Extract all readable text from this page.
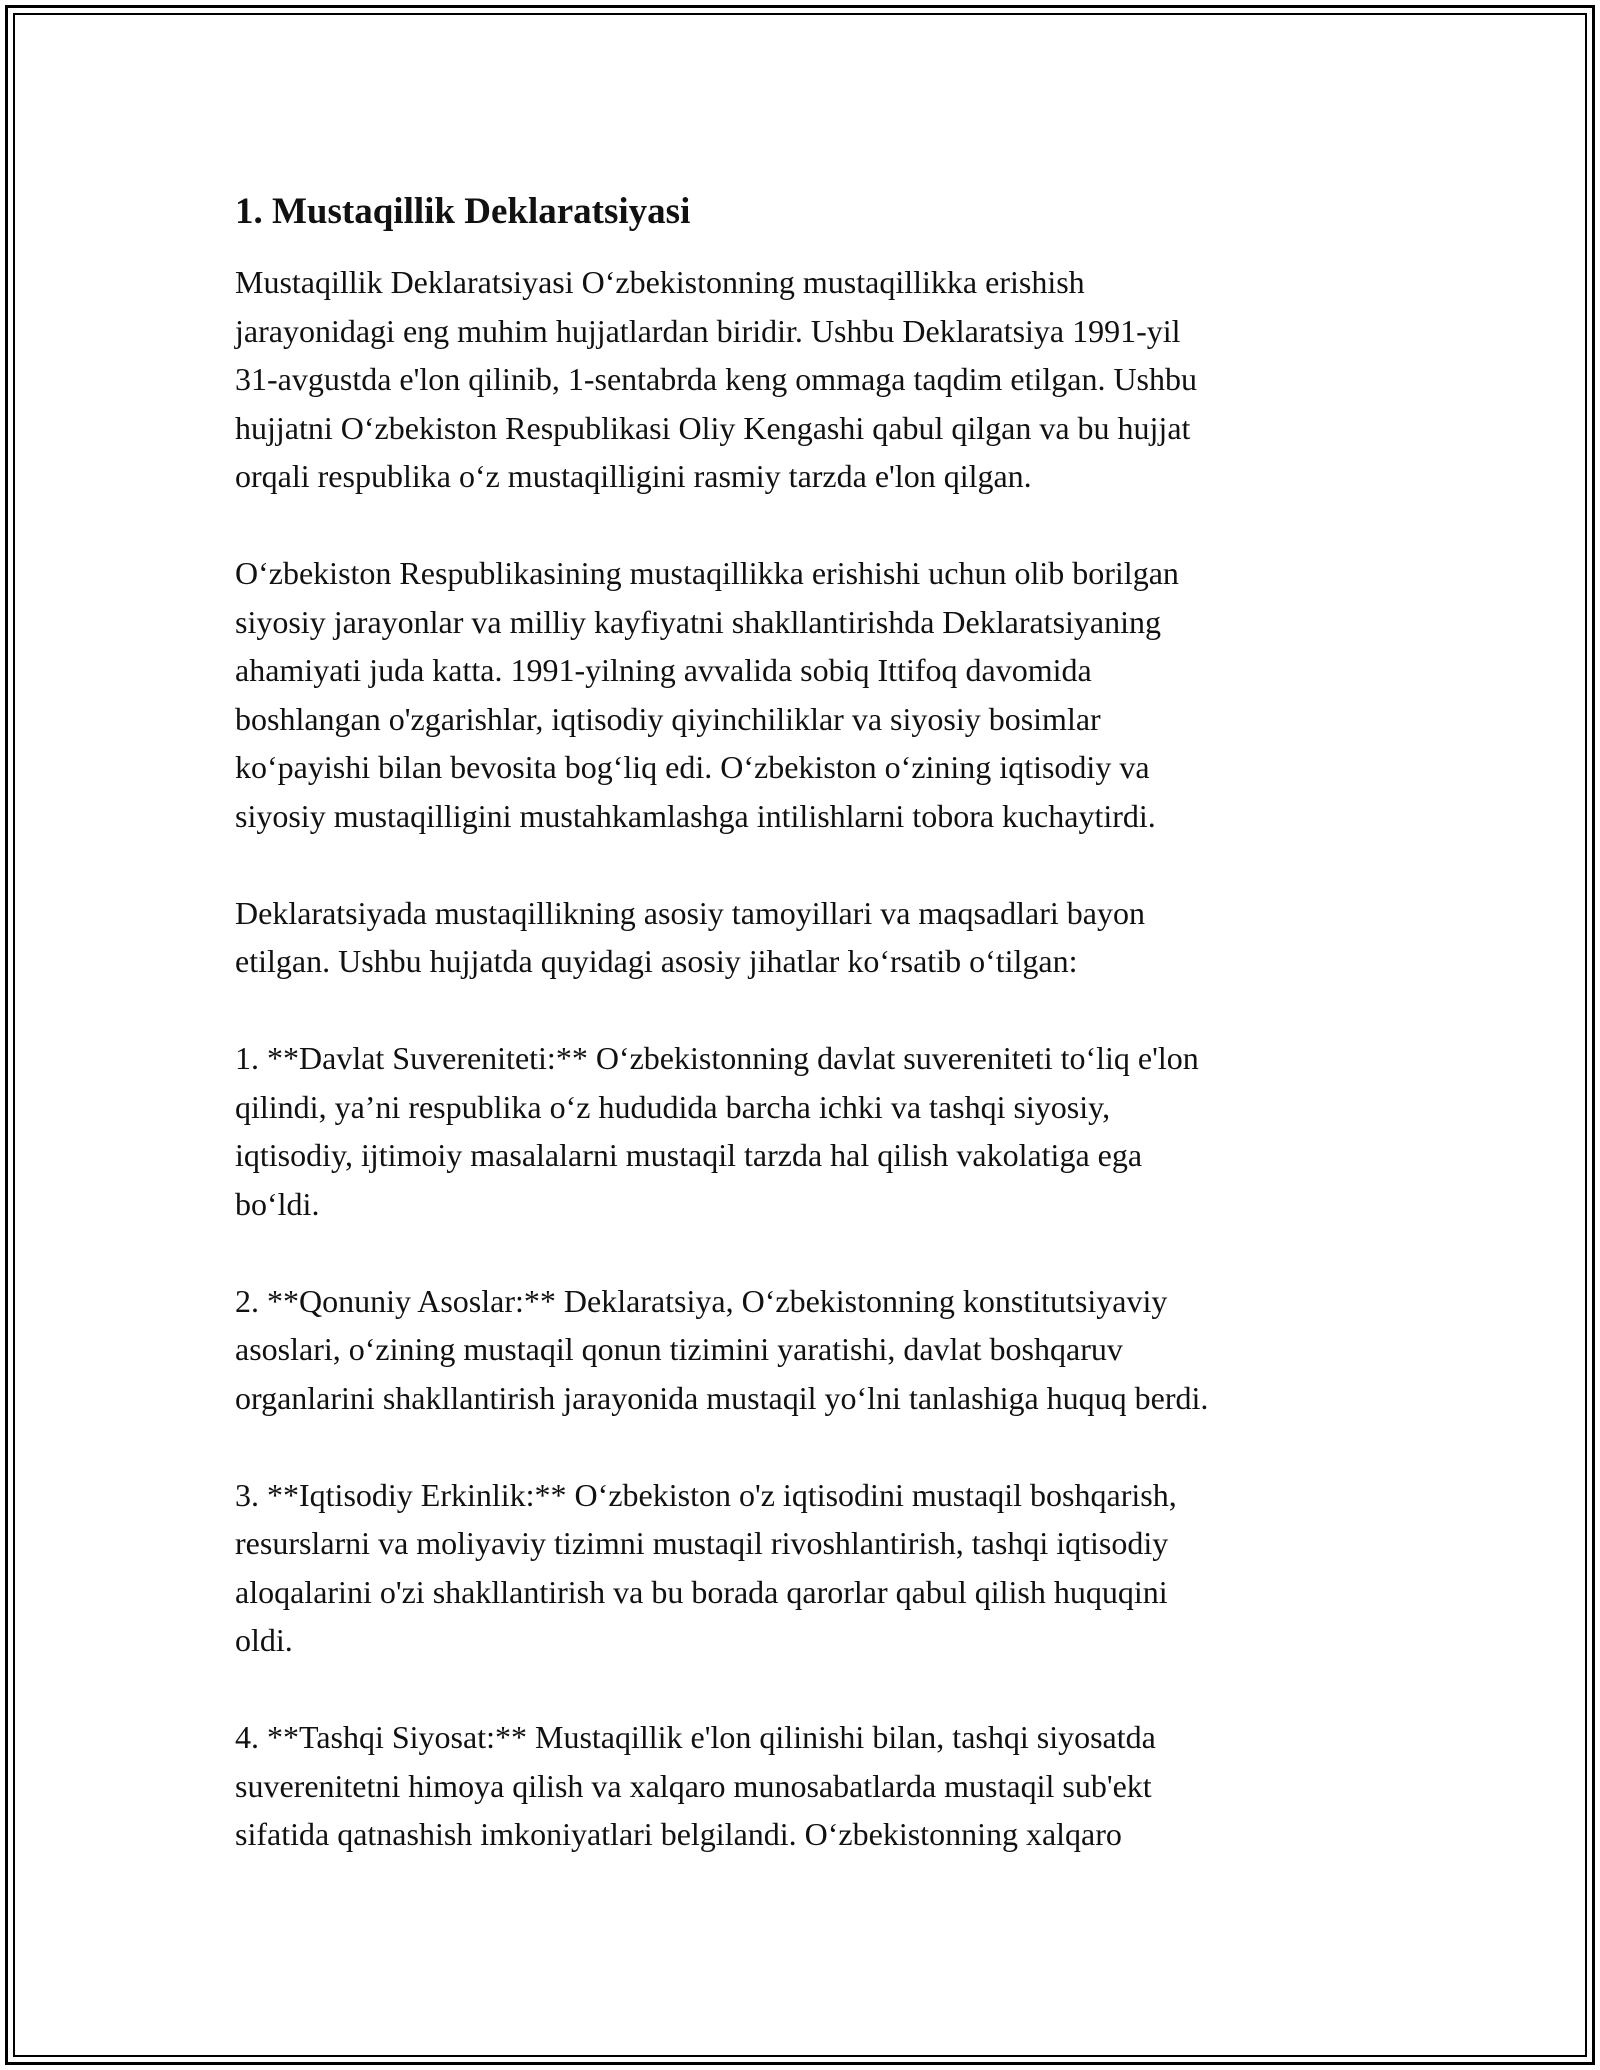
1. Mustaqillik Deklaratsiyasi

Mustaqillik Deklaratsiyasi O‘zbekistonning mustaqillikka erishish
jarayonidagi eng muhim hujjatlardan biridir. Ushbu Deklaratsiya 1991-yil
31-avgustda e'lon qilinib, 1-sentabrda keng ommaga taqdim etilgan. Ushbu
hujjatni O‘zbekiston Respublikasi Oliy Kengashi qabul qilgan va bu hujjat
orqali respublika o‘z mustaqilligini rasmiy tarzda e'lon qilgan.

O‘zbekiston Respublikasining mustaqillikka erishishi uchun olib borilgan
siyosiy jarayonlar va milliy kayfiyatni shakllantirishda Deklaratsiyaning
ahamiyati juda katta. 1991-yilning avvalida sobiq Ittifoq davomida
boshlangan o'zgarishlar, iqtisodiy qiyinchiliklar va siyosiy bosimlar
ko‘payishi bilan bevosita bog‘liq edi. O‘zbekiston o‘zining iqtisodiy va
siyosiy mustaqilligini mustahkamlashga intilishlarni tobora kuchaytirdi.

Deklaratsiyada mustaqillikning asosiy tamoyillari va maqsadlari bayon
etilgan. Ushbu hujjatda quyidagi asosiy jihatlar ko‘rsatib o‘tilgan:

1. **Davlat Suvereniteti:** O‘zbekistonning davlat suvereniteti to‘liq e'lon
qilindi, ya’ni respublika o‘z hududida barcha ichki va tashqi siyosiy,
iqtisodiy, ijtimoiy masalalarni mustaqil tarzda hal qilish vakolatiga ega
bo‘ldi.

2. **Qonuniy Asoslar:** Deklaratsiya, O‘zbekistonning konstitutsiyaviy
asoslari, o‘zining mustaqil qonun tizimini yaratishi, davlat boshqaruv
organlarini shakllantirish jarayonida mustaqil yo‘lni tanlashiga huquq berdi.

3. **Iqtisodiy Erkinlik:** O‘zbekiston o'z iqtisodini mustaqil boshqarish,
resurslarni va moliyaviy tizimni mustaqil rivoshlantirish, tashqi iqtisodiy
aloqalarini o'zi shakllantirish va bu borada qarorlar qabul qilish huquqini
oldi.

4. **Tashqi Siyosat:** Mustaqillik e'lon qilinishi bilan, tashqi siyosatda
suverenitetni himoya qilish va xalqaro munosabatlarda mustaqil sub'ekt
sifatida qatnashish imkoniyatlari belgilandi. O‘zbekistonning xalqaro
